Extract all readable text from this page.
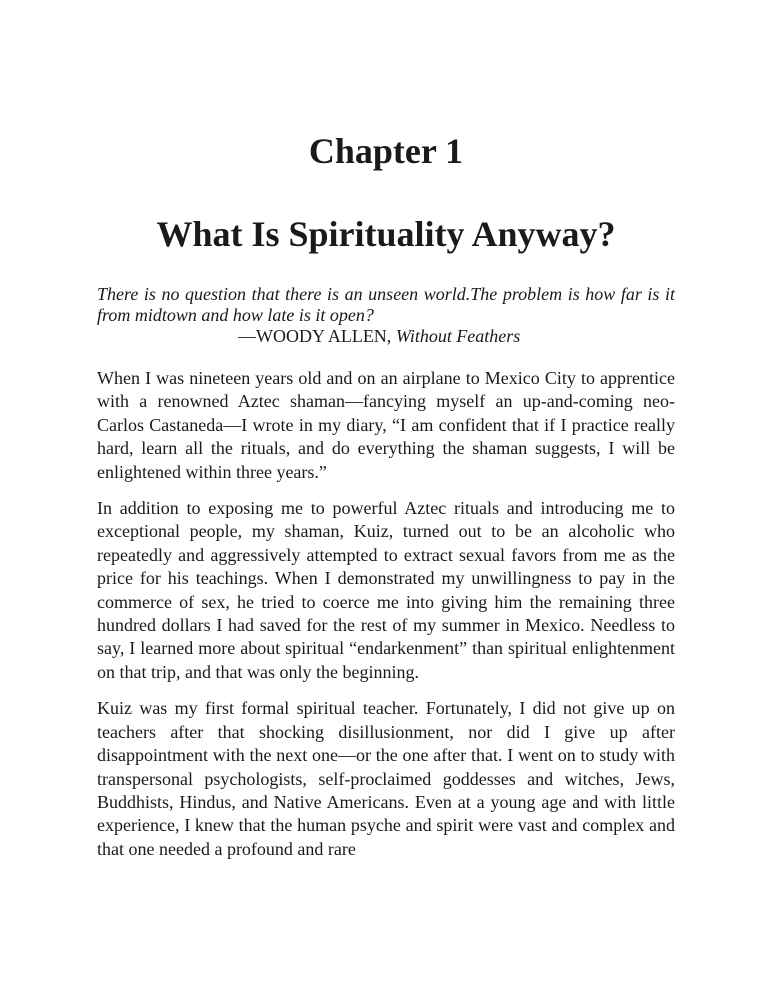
Chapter 1
What Is Spirituality Anyway?

There is no question that there is an unseen world.The problem is how far is it from midtown and how late is it open?

—WOODY ALLEN, Without Feathers

When I was nineteen years old and on an airplane to Mexico City to apprentice with a renowned Aztec shaman—fancying myself an up-and-coming neo-Carlos Castaneda—I wrote in my diary, “I am confident that if I practice really hard, learn all the rituals, and do everything the shaman suggests, I will be enlightened within three years.”

In addition to exposing me to powerful Aztec rituals and introducing me to exceptional people, my shaman, Kuiz, turned out to be an alcoholic who repeatedly and aggressively attempted to extract sexual favors from me as the price for his teachings. When I demonstrated my unwillingness to pay in the commerce of sex, he tried to coerce me into giving him the remaining three hundred dollars I had saved for the rest of my summer in Mexico. Needless to say, I learned more about spiritual “endarkenment” than spiritual enlightenment on that trip, and that was only the beginning.

Kuiz was my first formal spiritual teacher. Fortunately, I did not give up on teachers after that shocking disillusionment, nor did I give up after disappointment with the next one—or the one after that. I went on to study with transpersonal psychologists, self-proclaimed goddesses and witches, Jews, Buddhists, Hindus, and Native Americans. Even at a young age and with little experience, I knew that the human psyche and spirit were vast and complex and that one needed a profound and rare
